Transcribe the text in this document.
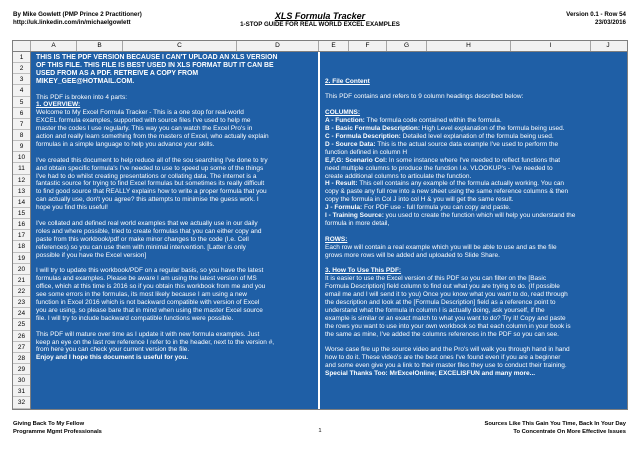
By Mike Gowlett (PMP Prince 2 Practitioner)
http://uk.linkedin.com/in/michaelgowlett
XLS Formula Tracker
1-STOP GUIDE FOR REAL WORLD EXCEL EXAMPLES
Version 0.1 - Row 54
23/03/2016
A	B	C	D	E	F	G	H	I	J
1
2
3
4
5
6
7
8
9
10
11
12
13
14
15
16
17
18
19
20
21
22
23
24
25
26
27
28
29
30
31
32

THIS IS THE PDF VERSION BECAUSE I CAN'T UPLOAD AN XLS VERSION

OF THIS FILE. THIS FILE IS BEST USED IN XLS FORMAT BUT IT CAN BE

USED FROM AS A PDF. RETREIVE A COPY FROM

MIKEY_GEE@HOTMAIL.COM.

This PDF is broken into 4 parts:

1. OVERVIEW:

Welcome to My Excel Formula Tracker - This is a one stop for real-world

EXCEL formula examples, supported with source files I've used to help me

master the codes I use regularly. This way you can watch the Excel Pro's in

action and really learn something from the masters of Excel, who actually explain

formulas in a simple language to help you advance your skills.

I've created this document to help reduce all of the sou searching I've done to try

and obtain specific formula's I've needed to use to speed up some of the things

I've had to do whilst creating presentations or collating data. The internet is a

fantastic source for trying to find Excel formulas but sometimes its really difficult

to find good source that REALLY explains how to write a proper formula that you

can actually use, don't you agree? this attempts to minimise the guess work. I

hope you find this useful!

I've collated and defined real world examples that we actually use in our daily

roles and where possible, tried to create formulas that you can either copy and

paste from this workbook/pdf or make minor changes to the code (I.e. Cell

references) so you can use them with minimal intervention. [Latter is only

possible if you have the Excel version]

I will try to update this workbook/PDF on a regular basis, so you have the latest

formulas and examples. Please be aware I am using the latest version of MS

office, which at this time is 2016 so if you obtain this workbook from me and you

see some errors in the formulas, its most likely because I am using a new

function in Excel 2016 which is not backward compatible with version of Excel

you are using, so please bare that in mind when using the master Excel source

file. I will try to include backward compatible functions were possible.

This PDF will mature over time as I update it with new formula examples. Just

keep an eye on the last row reference I refer to in the header, next to the version #,

from here you can check your current version the file.

Enjoy and I hope this document is useful for you.

2. File Content

This PDF contains and refers to 9 column headings described below:

COLUMNS:

A - Function: The formula code contained within the formula.

B - Basic Formula Description: High Level explanation of the formula being used.

C - Formula Description: Detailed level explanation of the formula being used.

D - Source Data: This is the actual source data example I've used to perform the

function defined in column H

E,F,G: Scenario Col: In some instance where I've needed to reflect functions that

need multiple columns to produce the function I.e. VLOOKUP's - I've needed to

create additional columns to articulate the function.

H - Result: This cell contains any example of the formula actually working. You can

copy & paste any full row into a new sheet using the same reference columns & then

copy the formula in Col J into col H & you will get the same result.

J - Formula: For PDF use - full formula you can copy and paste.

I - Training Source: you used to create the function which will help you understand the

formula in more detail,

ROWS:

Each row will contain a real example which you will be able to use and as the file

grows more rows will be added and uploaded to Slide Share.

3. How To Use This PDF:

It is easier to use the Excel version of this PDF so you can filter on the [Basic

Formula Description] field column to find out what you are trying to do. (If possible

email me and I will send it to you) Once you know what you want to do, read through

the description and look at the [Formula Description] field as a reference point to

understand what the formula in column I is actually doing, ask yourself, if the

example is similar or an exact match to what you want to do? Try it! Copy and paste

the rows you want to use into your own workbook so that each column in your book is

the same as mine, I've added the columns references in the PDF so you can see.

Worse case fire up the source video and the Pro's will walk you through hand in hand

how to do it. These video's are the best ones I've found even if you are a beginner

and some even give you a link to their master files they use to conduct their training.

Special Thanks Too: MrExcelOnline; EXCELISFUN and many more...

Giving Back To My Fellow
Programme Mgmt Professionals	1
Sources Like This Gain You Time, Back In Your Day
To Concentrate On More Effective Issues
